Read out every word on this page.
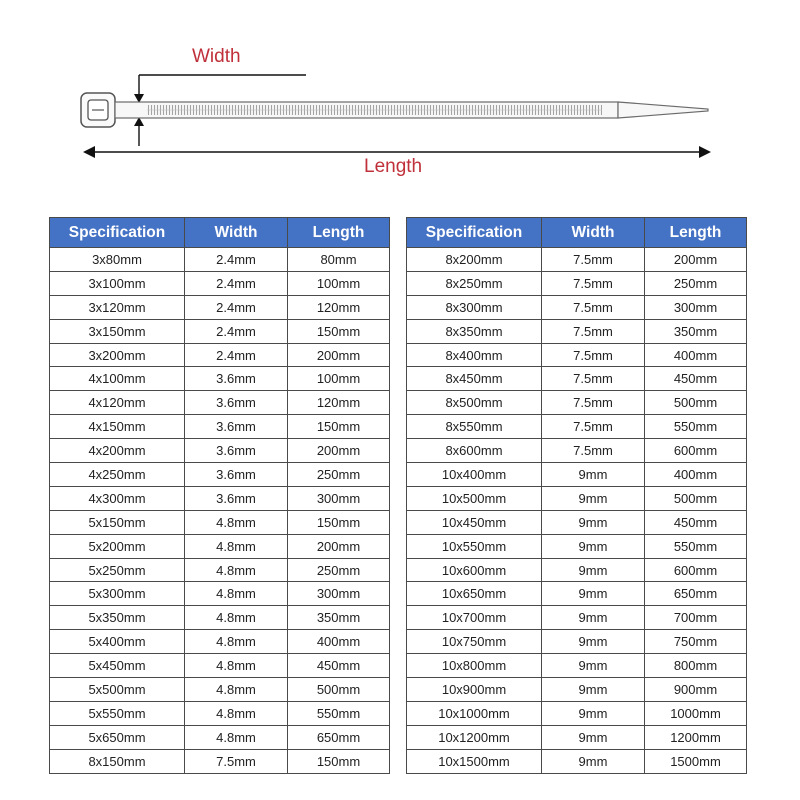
Width
Length
Specification	Width	Length
3x80mm	2.4mm	80mm
3x100mm	2.4mm	100mm
3x120mm	2.4mm	120mm
3x150mm	2.4mm	150mm
3x200mm	2.4mm	200mm
4x100mm	3.6mm	100mm
4x120mm	3.6mm	120mm
4x150mm	3.6mm	150mm
4x200mm	3.6mm	200mm
4x250mm	3.6mm	250mm
4x300mm	3.6mm	300mm
5x150mm	4.8mm	150mm
5x200mm	4.8mm	200mm
5x250mm	4.8mm	250mm
5x300mm	4.8mm	300mm
5x350mm	4.8mm	350mm
5x400mm	4.8mm	400mm
5x450mm	4.8mm	450mm
5x500mm	4.8mm	500mm
5x550mm	4.8mm	550mm
5x650mm	4.8mm	650mm
8x150mm	7.5mm	150mm
Specification	Width	Length
8x200mm	7.5mm	200mm
8x250mm	7.5mm	250mm
8x300mm	7.5mm	300mm
8x350mm	7.5mm	350mm
8x400mm	7.5mm	400mm
8x450mm	7.5mm	450mm
8x500mm	7.5mm	500mm
8x550mm	7.5mm	550mm
8x600mm	7.5mm	600mm
10x400mm	9mm	400mm
10x500mm	9mm	500mm
10x450mm	9mm	450mm
10x550mm	9mm	550mm
10x600mm	9mm	600mm
10x650mm	9mm	650mm
10x700mm	9mm	700mm
10x750mm	9mm	750mm
10x800mm	9mm	800mm
10x900mm	9mm	900mm
10x1000mm	9mm	1000mm
10x1200mm	9mm	1200mm
10x1500mm	9mm	1500mm
